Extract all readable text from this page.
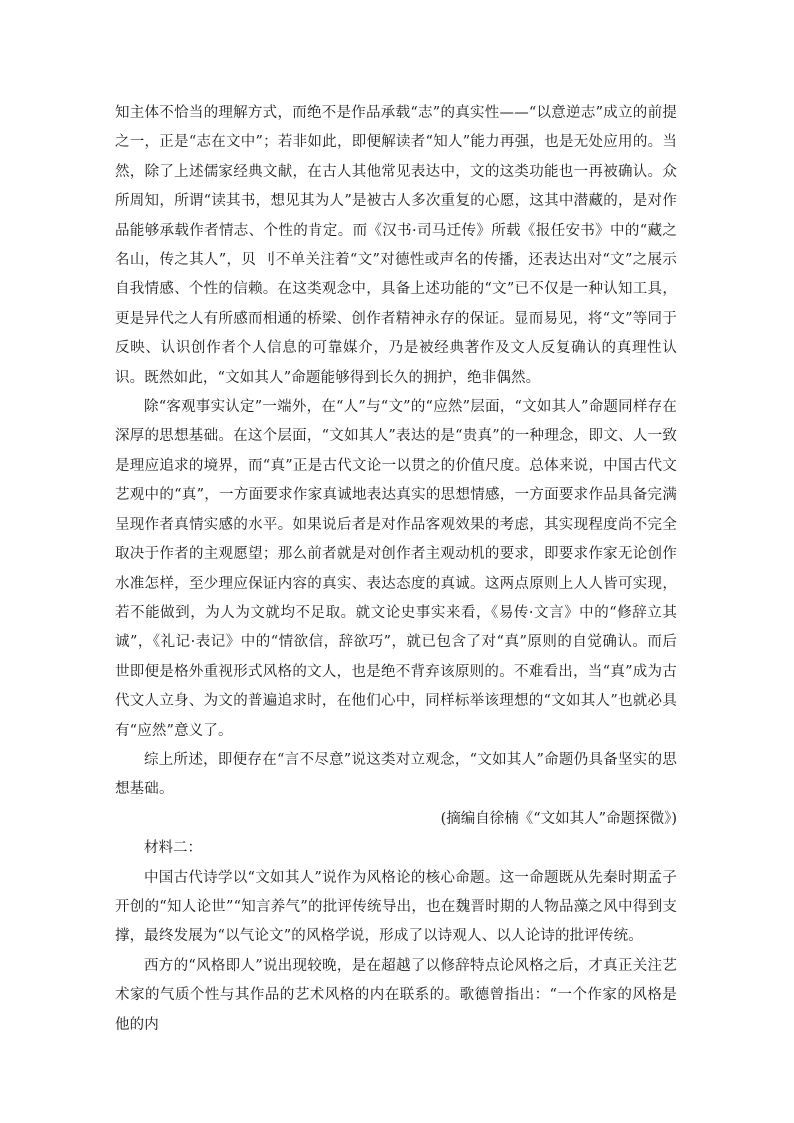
知主体不恰当的理解方式，而绝不是作品承载“志”的真实性——“以意逆志”成立的前提之一，正是“志在文中”；若非如此，即便解读者“知人”能力再强，也是无处应用的。当然，除了上述儒家经典文献，在古人其他常见表达中，文的这类功能也一再被确认。众所周知，所谓“读其书，想见其为人”是被古人多次重复的心愿，这其中潜藏的，是对作品能够承载作者情志、个性的肯定。而《汉书·司马迁传》所载《报任安书》中的“藏之名山，传之其人”，贝 刂不单关注着“文”对德性或声名的传播，还表达出对“文”之展示自我情感、个性的信赖。在这类观念中，具备上述功能的“文”已不仅是一种认知工具，更是异代之人有所感而相通的桥梁、创作者精神永存的保证。显而易见，将“文”等同于反映、认识创作者个人信息的可靠媒介，乃是被经典著作及文人反复确认的真理性认识。既然如此，“文如其人”命题能够得到长久的拥护，绝非偶然。

除“客观事实认定”一端外，在“人”与“文”的“应然”层面，“文如其人”命题同样存在深厚的思想基础。在这个层面，“文如其人”表达的是“贵真”的一种理念，即文、人一致是理应追求的境界，而“真”正是古代文论一以贯之的价值尺度。总体来说，中国古代文艺观中的“真”，一方面要求作家真诚地表达真实的思想情感，一方面要求作品具备完满呈现作者真情实感的水平。如果说后者是对作品客观效果的考虑，其实现程度尚不完全取决于作者的主观愿望；那么前者就是对创作者主观动机的要求，即要求作家无论创作水准怎样，至少理应保证内容的真实、表达态度的真诚。这两点原则上人人皆可实现，若不能做到，为人为文就均不足取。就文论史事实来看，《易传·文言》中的“修辞立其诚”，《礼记·表记》中的“情欲信，辞欲巧”，就已包含了对“真”原则的自觉确认。而后世即便是格外重视形式风格的文人，也是绝不背弃该原则的。不难看出，当“真”成为古代文人立身、为文的普遍追求时，在他们心中，同样标举该理想的“文如其人”也就必具有“应然”意义了。

综上所述，即便存在“言不尽意”说这类对立观念，“文如其人”命题仍具备坚实的思想基础。

(摘编自徐楠《“文如其人”命题探微》)

材料二：

中国古代诗学以“文如其人”说作为风格论的核心命题。这一命题既从先秦时期孟子开创的“知人论世”“知言养气”的批评传统导出，也在魏晋时期的人物品藻之风中得到支撑，最终发展为“以气论文”的风格学说，形成了以诗观人、以人论诗的批评传统。

西方的“风格即人”说出现较晚，是在超越了以修辞特点论风格之后，才真正关注艺术家的气质个性与其作品的艺术风格的内在联系的。歌德曾指出：“一个作家的风格是他的内
